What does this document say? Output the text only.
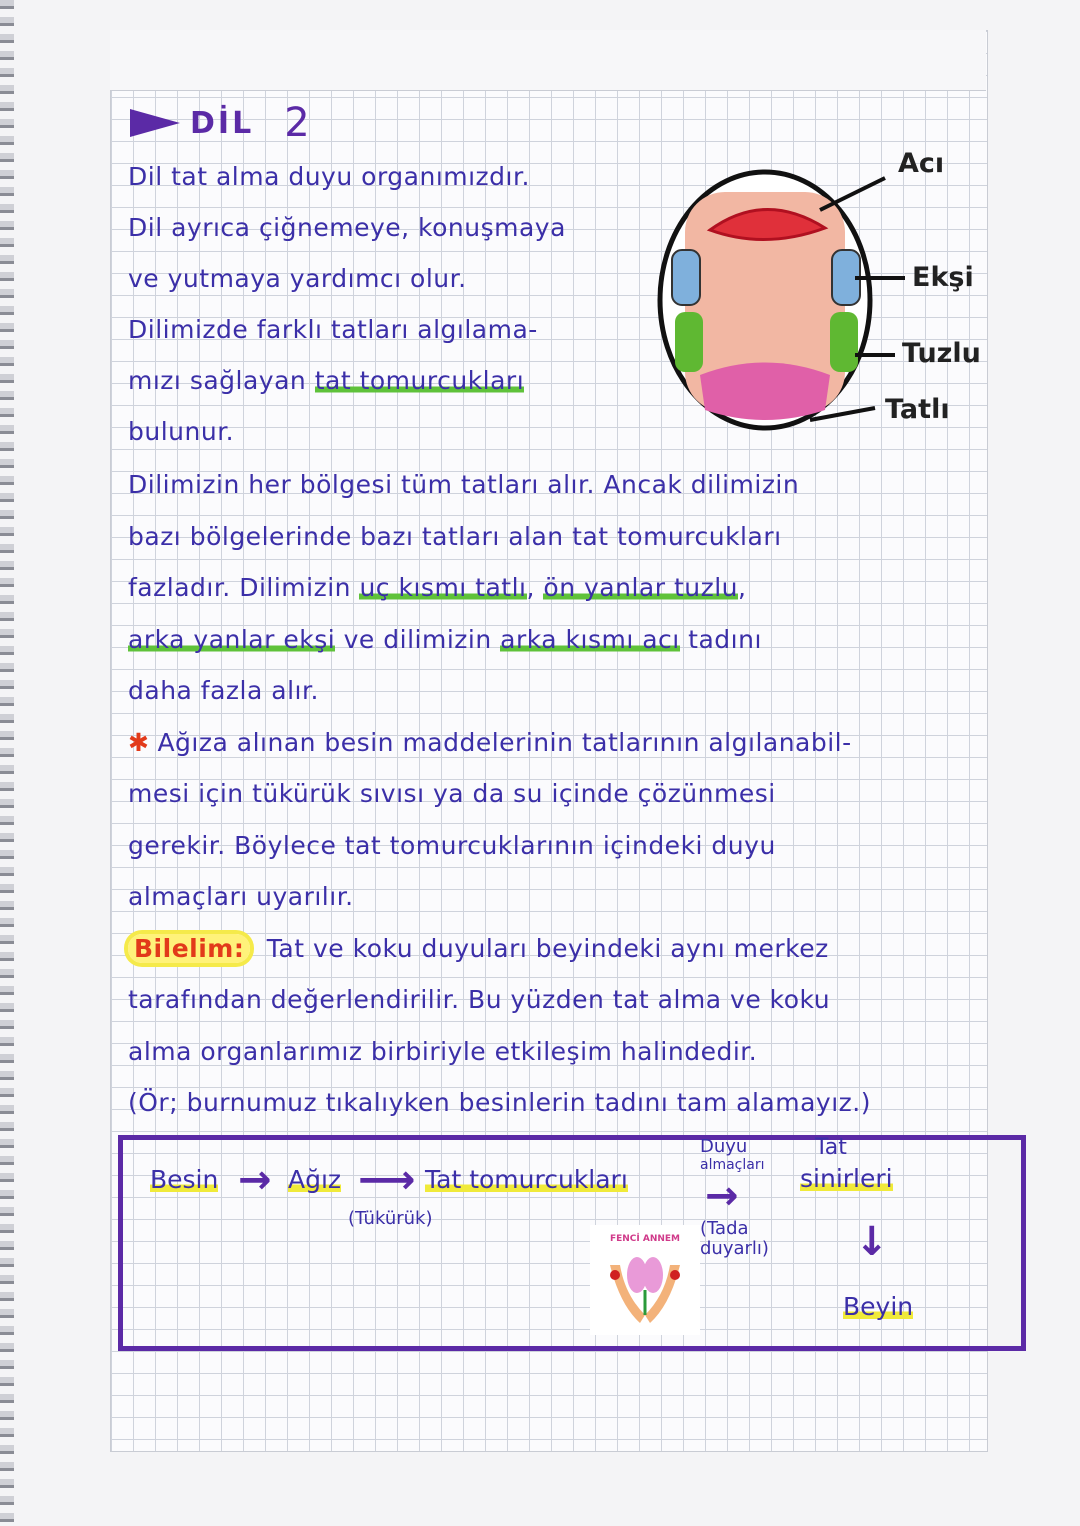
DİL 2
Dil tat alma duyu organımızdır.
Dil ayrıca çiğnemeye, konuşmaya
ve yutmaya yardımcı olur.
Dilimizde farklı tatları algılama-
mızı sağlayan tat tomurcukları
bulunur.
Dilimizin her bölgesi tüm tatları alır. Ancak dilimizin
bazı bölgelerinde bazı tatları alan tat tomurcukları
fazladır. Dilimizin uç kısmı tatlı, ön yanlar tuzlu,
arka yanlar ekşi ve dilimizin arka kısmı acı tadını
daha fazla alır.
✱ Ağıza alınan besin maddelerinin tatlarının algılanabil-
mesi için tükürük sıvısı ya da su içinde çözünmesi
gerekir. Böylece tat tomurcuklarının içindeki duyu
almaçları uyarılır.
Bilelim: Tat ve koku duyuları beyindeki aynı merkez
tarafından değerlendirilir. Bu yüzden tat alma ve koku
alma organlarımız birbiriyle etkileşim halindedir.
(Ör; burnumuz tıkalıyken besinlerin tadını tam alamayız.)
Acı
Ekşi
Tuzlu
Tatlı
Besin → Ağız ⟶
(Tükürük)
Tat tomurcukları
Duyu
almaçları
→
(Tada
duyarlı)
Tat
sinirleri
↓
Beyin
FENCİ ANNEM
